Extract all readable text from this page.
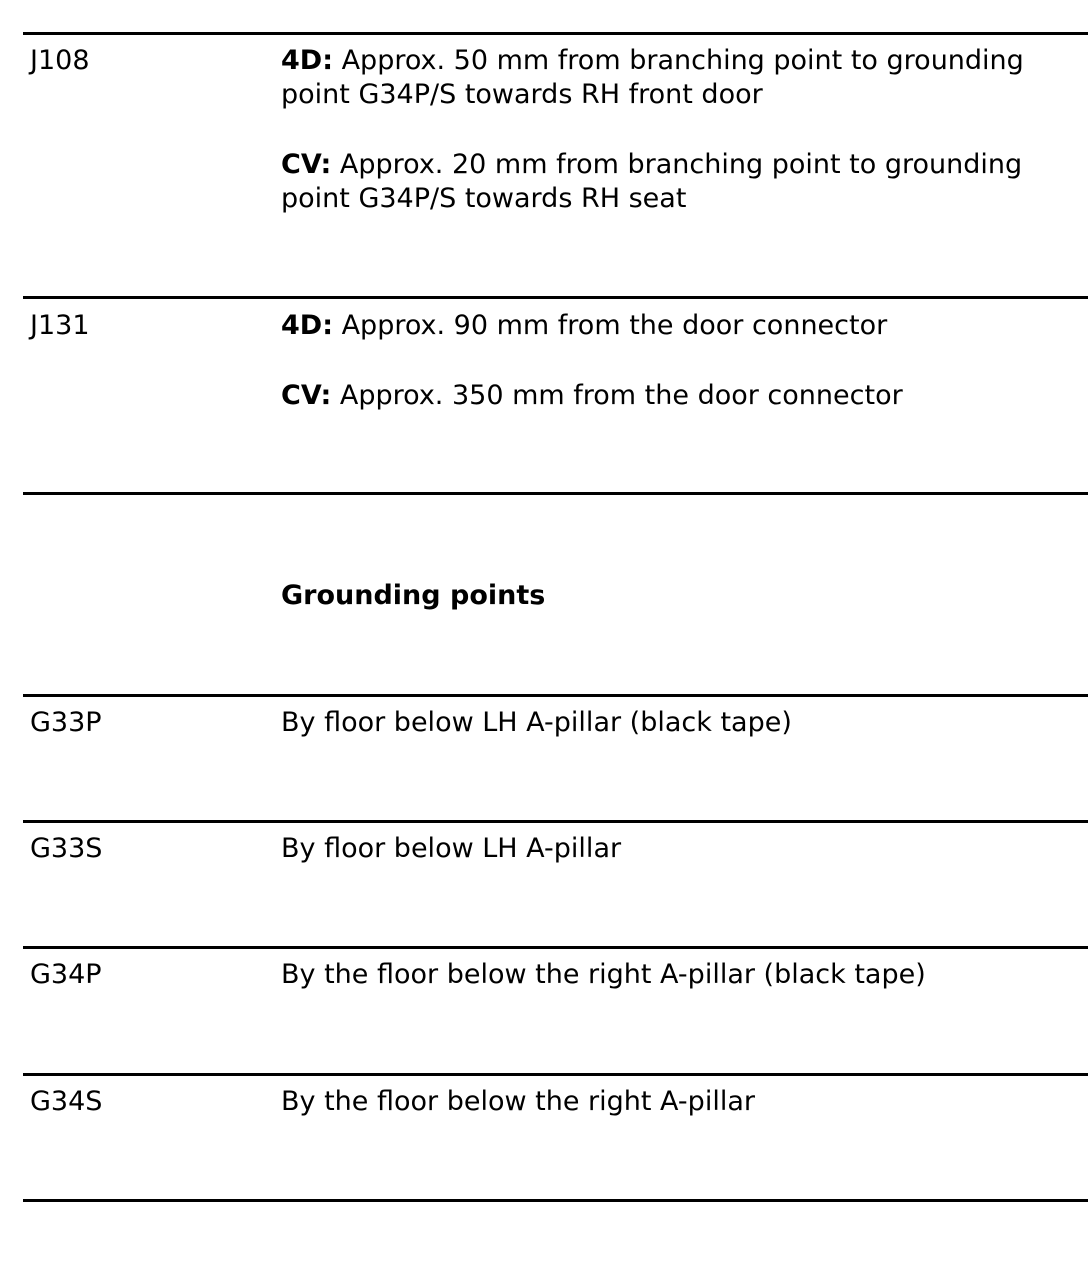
J108	4D: Approx. 50 mm from branching point to grounding point G34P/S towards RH front door

CV: Approx. 20 mm from branching point to grounding point G34P/S towards RH seat

J131	4D: Approx. 90 mm from the door connector

CV: Approx. 350 mm from the door connector

Grounding points
G33P	By floor below LH A-pillar (black tape)
G33S	By floor below LH A-pillar
G34P	By the floor below the right A-pillar (black tape)
G34S	By the floor below the right A-pillar
